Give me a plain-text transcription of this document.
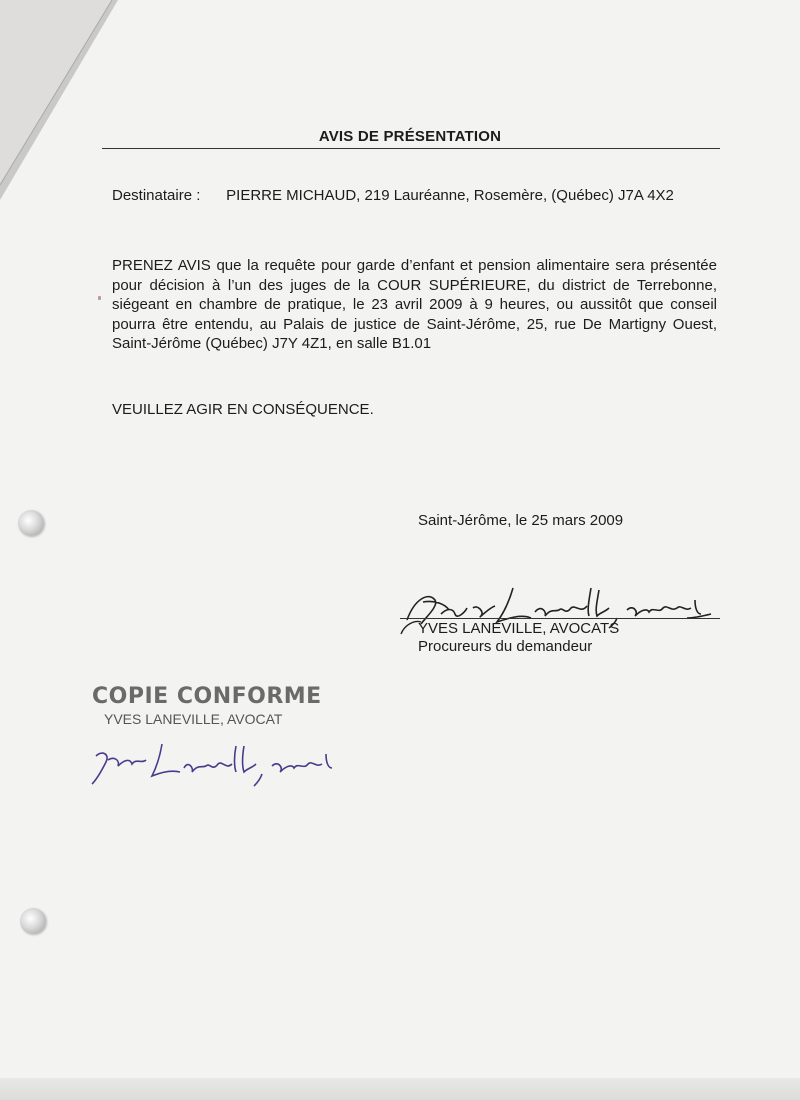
AVIS DE PRÉSENTATION
Destinataire : PIERRE MICHAUD, 219 Lauréanne, Rosemère, (Québec) J7A 4X2
PRENEZ AVIS que la requête pour garde d’enfant et pension alimentaire sera présentée pour décision à l’un des juges de la COUR SUPÉRIEURE, du district de Terrebonne, siégeant en chambre de pratique, le 23 avril 2009 à 9 heures, ou aussitôt que conseil pourra être entendu, au Palais de justice de Saint-Jérôme, 25, rue De Martigny Ouest, Saint-Jérôme (Québec) J7Y 4Z1, en salle B1.01
VEUILLEZ AGIR EN CONSÉQUENCE.
Saint-Jérôme, le 25 mars 2009
YVES LANEVILLE, AVOCATS
Procureurs du demandeur
COPIE CONFORME
YVES LANEVILLE, AVOCAT
